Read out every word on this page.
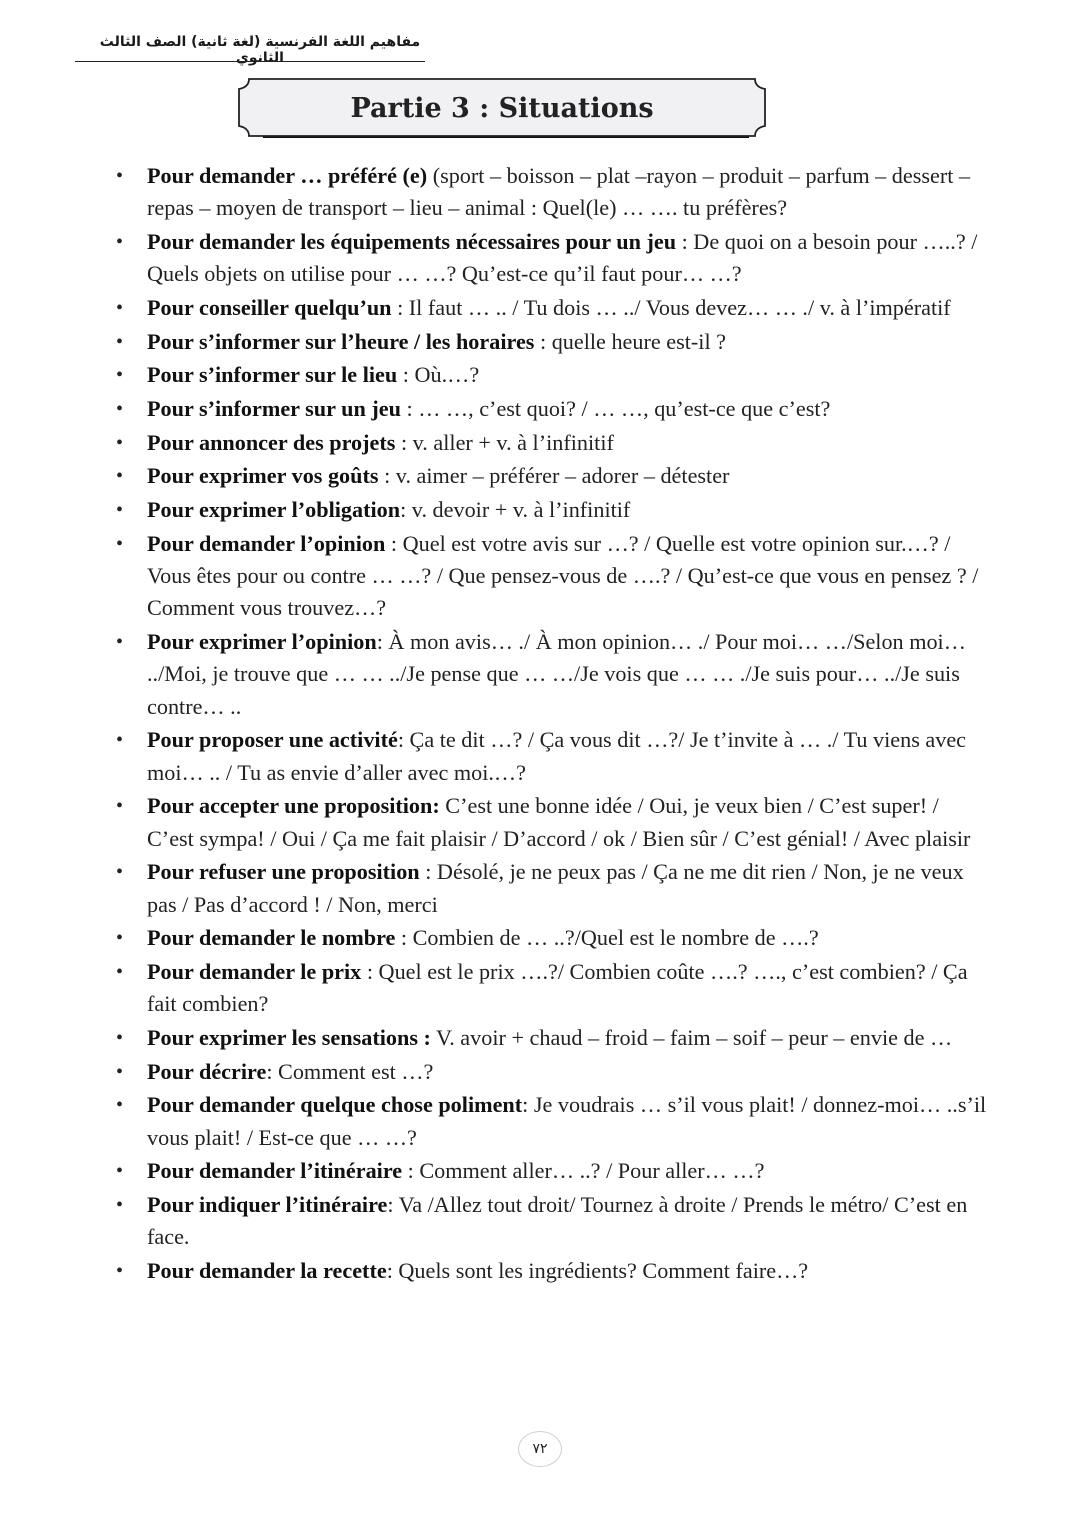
مفاهيم اللغة الفرنسية (لغة ثانية) الصف الثالث الثانوي
Partie 3 : Situations
• Pour demander … préféré (e) (sport – boisson – plat –rayon – produit – parfum – dessert – repas – moyen de transport – lieu – animal : Quel(le) … …. tu préfères?
• Pour demander les équipements nécessaires pour un jeu : De quoi on a besoin pour …..? / Quels objets on utilise pour … …? Qu’est-ce qu’il faut pour… …?
• Pour conseiller quelqu’un : Il faut … .. / Tu dois … ../ Vous devez… … ./ v. à l’impératif
• Pour s’informer sur l’heure / les horaires : quelle heure est-il ?
• Pour s’informer sur le lieu : Où.…?
• Pour s’informer sur un jeu : … …, c’est quoi? / … …, qu’est-ce que c’est?
• Pour annoncer des projets : v. aller + v. à l’infinitif
• Pour exprimer vos goûts : v. aimer – préférer – adorer – détester
• Pour exprimer l’obligation: v. devoir + v. à l’infinitif
• Pour demander l’opinion : Quel est votre avis sur …? / Quelle est votre opinion sur.…? / Vous êtes pour ou contre … …? / Que pensez-vous de ….? / Qu’est-ce que vous en pensez ? / Comment vous trouvez…?
• Pour exprimer l’opinion: À mon avis… ./ À mon opinion… ./ Pour moi… …/Selon moi… ../Moi, je trouve que … … ../Je pense que … …/Je vois que … … ./Je suis pour… ../Je suis contre… ..
• Pour proposer une activité: Ça te dit …? / Ça vous dit …?/ Je t’invite à … ./ Tu viens avec moi… .. / Tu as envie d’aller avec moi.…?
• Pour accepter une proposition: C’est une bonne idée / Oui, je veux bien / C’est super! / C’est sympa! / Oui / Ça me fait plaisir / D’accord / ok / Bien sûr / C’est génial! / Avec plaisir
• Pour refuser une proposition : Désolé, je ne peux pas / Ça ne me dit rien / Non, je ne veux pas / Pas d’accord ! / Non, merci
• Pour demander le nombre : Combien de … ..?/Quel est le nombre de ….?
• Pour demander le prix : Quel est le prix ….?/ Combien coûte ….? …., c’est combien? / Ça fait combien?
• Pour exprimer les sensations : V. avoir + chaud – froid – faim – soif – peur – envie de …
• Pour décrire: Comment est …?
• Pour demander quelque chose poliment: Je voudrais … s’il vous plait! / donnez-moi… ..s’il vous plait! / Est-ce que … …?
• Pour demander l’itinéraire : Comment aller… ..? / Pour aller… …?
• Pour indiquer l’itinéraire: Va /Allez tout droit/ Tournez à droite / Prends le métro/ C’est en face.
• Pour demander la recette: Quels sont les ingrédients? Comment faire…?
٧٢
